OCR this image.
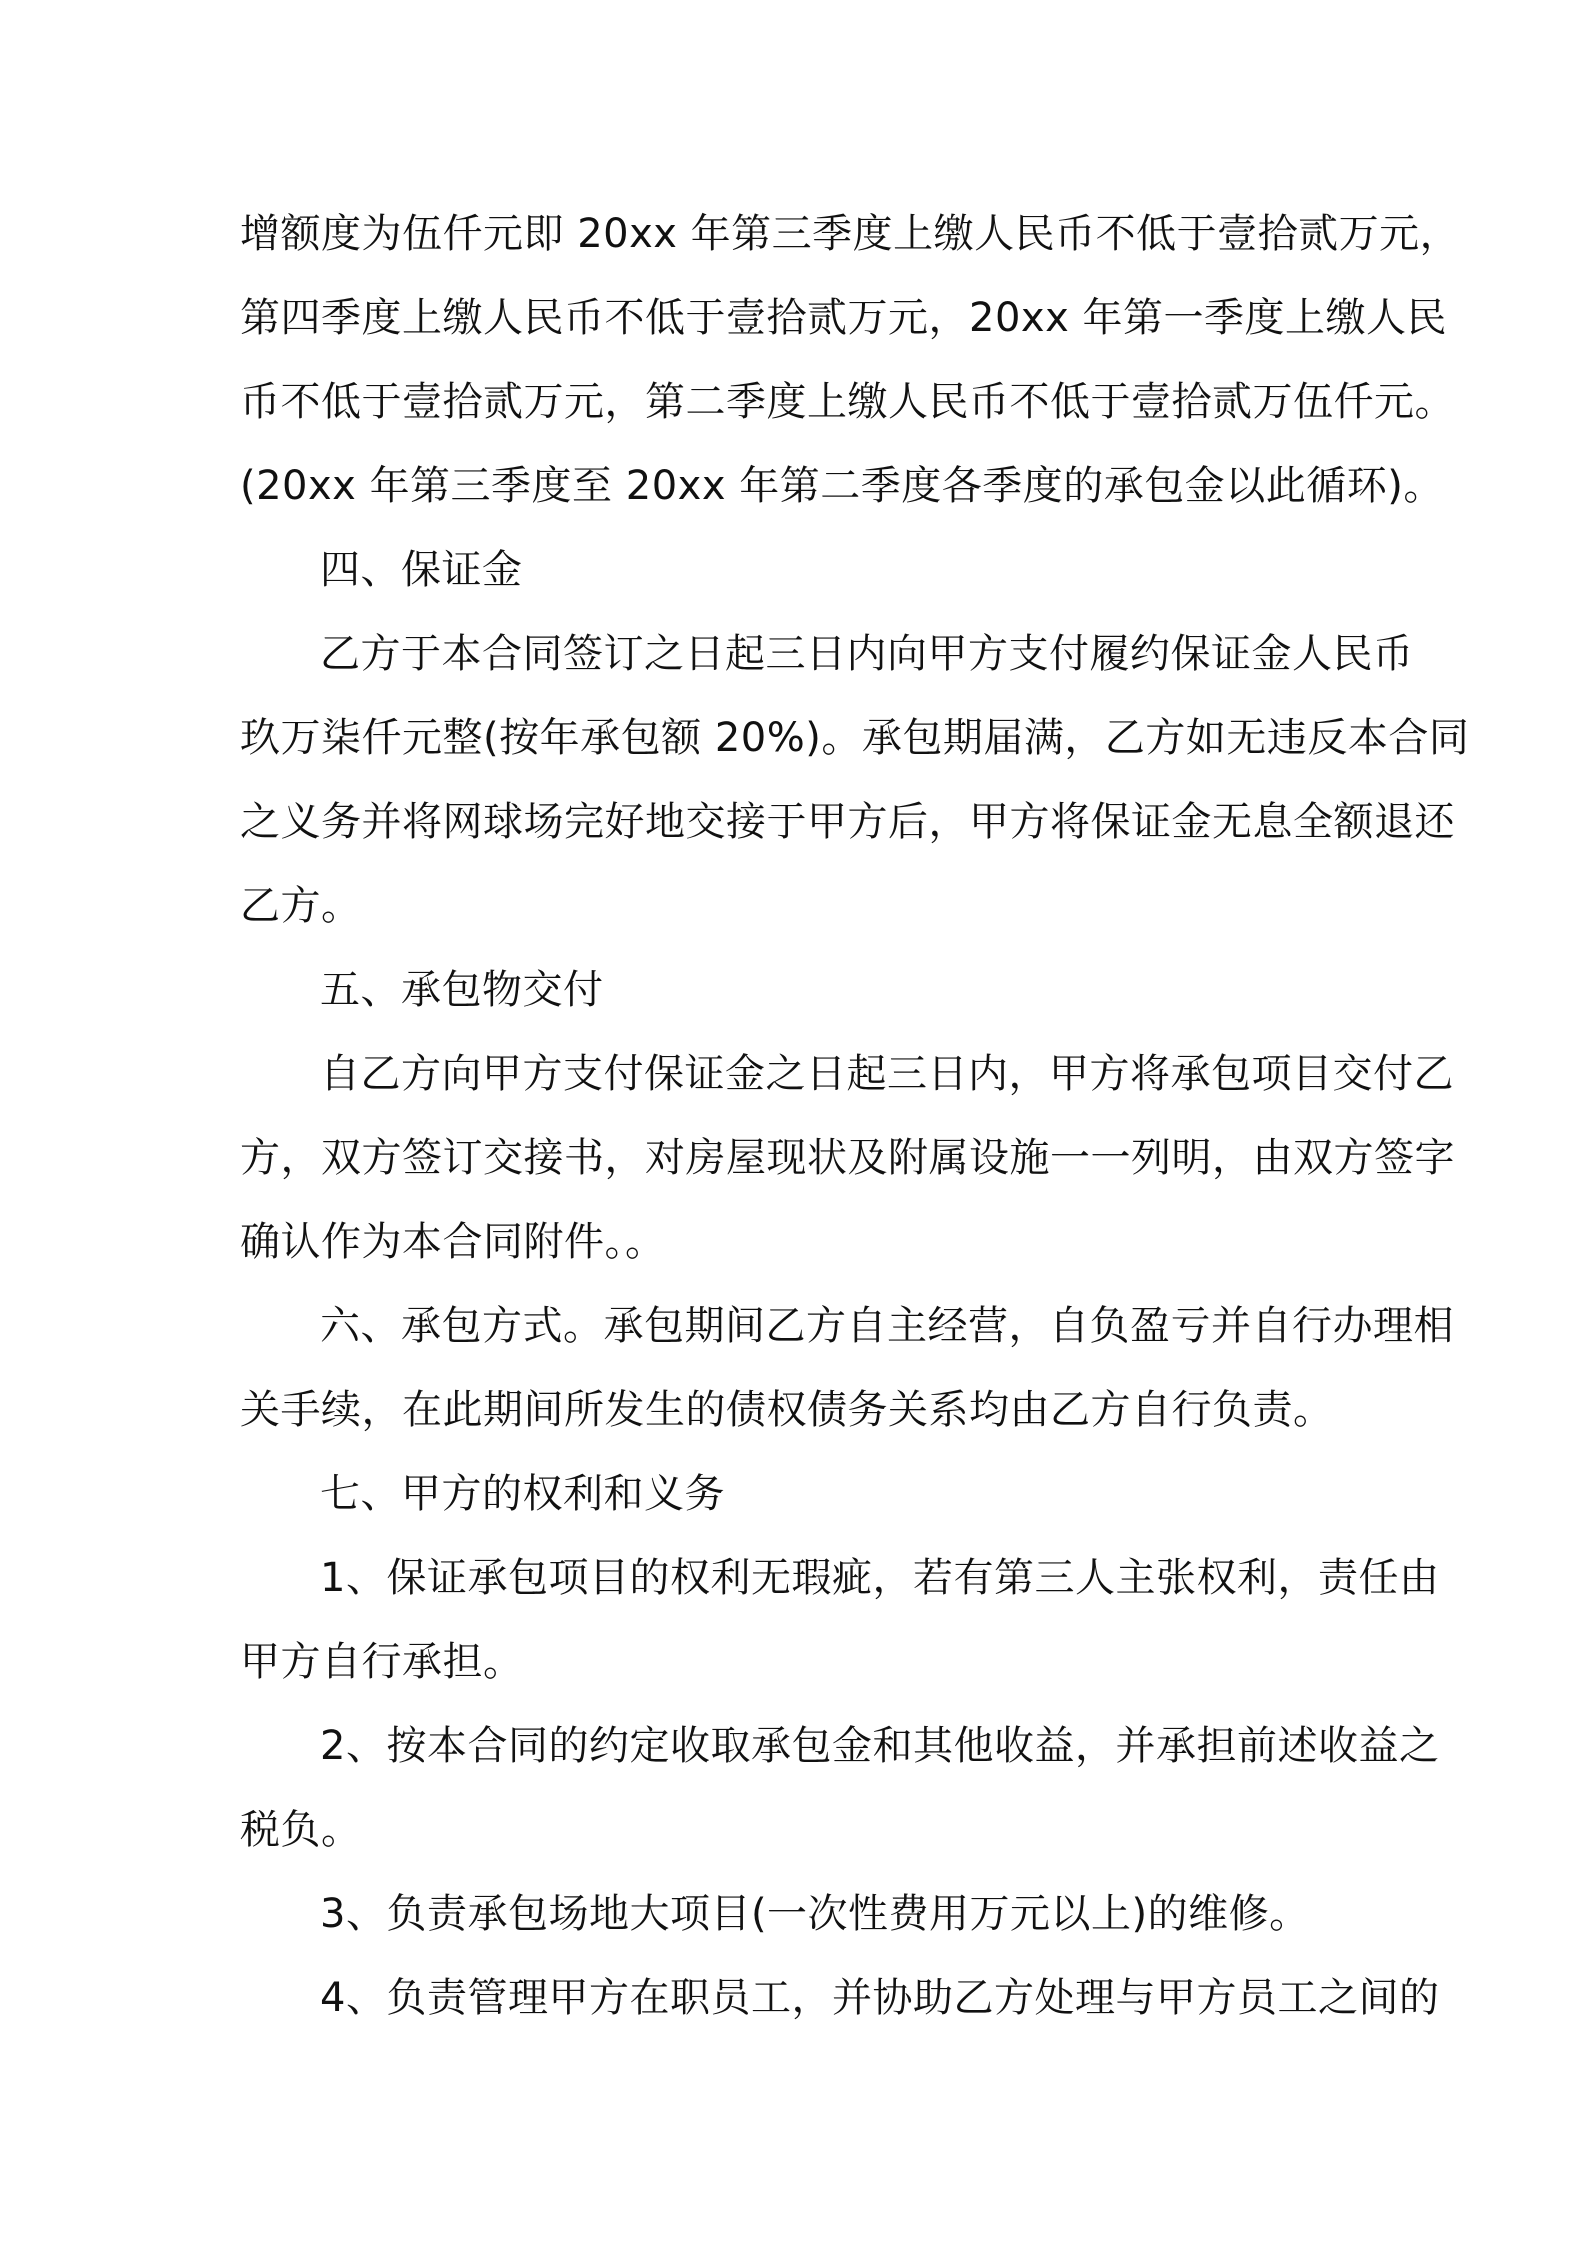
增额度为伍仟元即 20xx 年第三季度上缴人民币不低于壹拾贰万元，

第四季度上缴人民币不低于壹拾贰万元，20xx 年第一季度上缴人民

币不低于壹拾贰万元，第二季度上缴人民币不低于壹拾贰万伍仟元。

(20xx 年第三季度至 20xx 年第二季度各季度的承包金以此循环)。

四、保证金

乙方于本合同签订之日起三日内向甲方支付履约保证金人民币

玖万柒仟元整(按年承包额 20%)。承包期届满，乙方如无违反本合同

之义务并将网球场完好地交接于甲方后，甲方将保证金无息全额退还

乙方。

五、承包物交付

自乙方向甲方支付保证金之日起三日内，甲方将承包项目交付乙

方，双方签订交接书，对房屋现状及附属设施一一列明，由双方签字

确认作为本合同附件。。

六、承包方式。承包期间乙方自主经营，自负盈亏并自行办理相

关手续，在此期间所发生的债权债务关系均由乙方自行负责。

七、甲方的权利和义务

1、保证承包项目的权利无瑕疵，若有第三人主张权利，责任由

甲方自行承担。

2、按本合同的约定收取承包金和其他收益，并承担前述收益之

税负。

3、负责承包场地大项目(一次性费用万元以上)的维修。

4、负责管理甲方在职员工，并协助乙方处理与甲方员工之间的
